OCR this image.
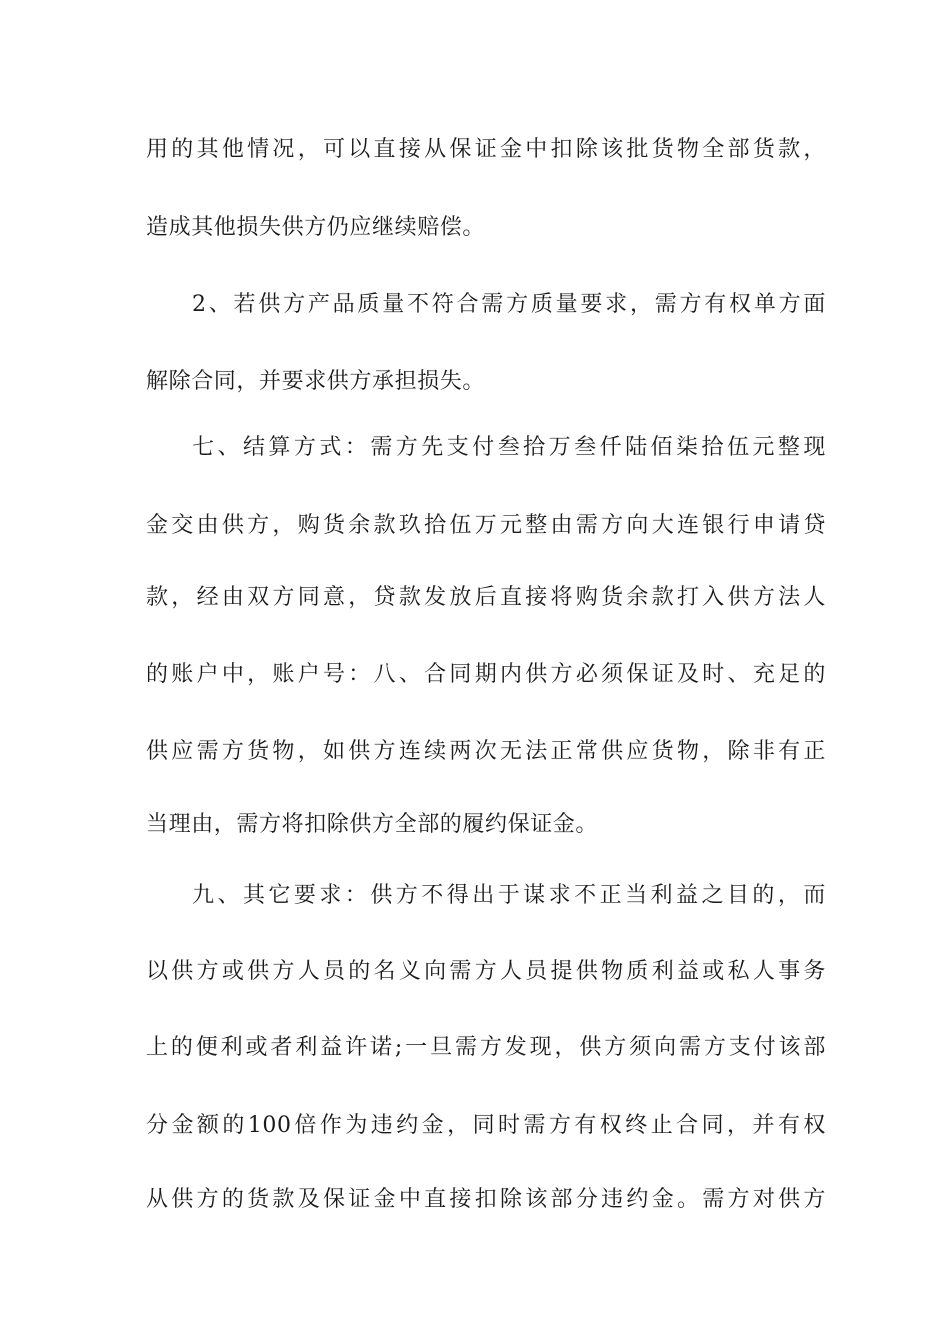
用的其他情况，可以直接从保证金中扣除该批货物全部货款，
造成其他损失供方仍应继续赔偿。
2、若供方产品质量不符合需方质量要求，需方有权单方面
解除合同，并要求供方承担损失。
七、结算方式：需方先支付叁拾万叁仟陆佰柒拾伍元整现
金交由供方，购货余款玖拾伍万元整由需方向大连银行申请贷
款，经由双方同意，贷款发放后直接将购货余款打入供方法人
的账户中，账户号：八、合同期内供方必须保证及时、充足的
供应需方货物，如供方连续两次无法正常供应货物，除非有正
当理由，需方将扣除供方全部的履约保证金。
九、其它要求：供方不得出于谋求不正当利益之目的，而
以供方或供方人员的名义向需方人员提供物质利益或私人事务
上的便利或者利益许诺;一旦需方发现，供方须向需方支付该部
分金额的100倍作为违约金，同时需方有权终止合同，并有权
从供方的货款及保证金中直接扣除该部分违约金。需方对供方
